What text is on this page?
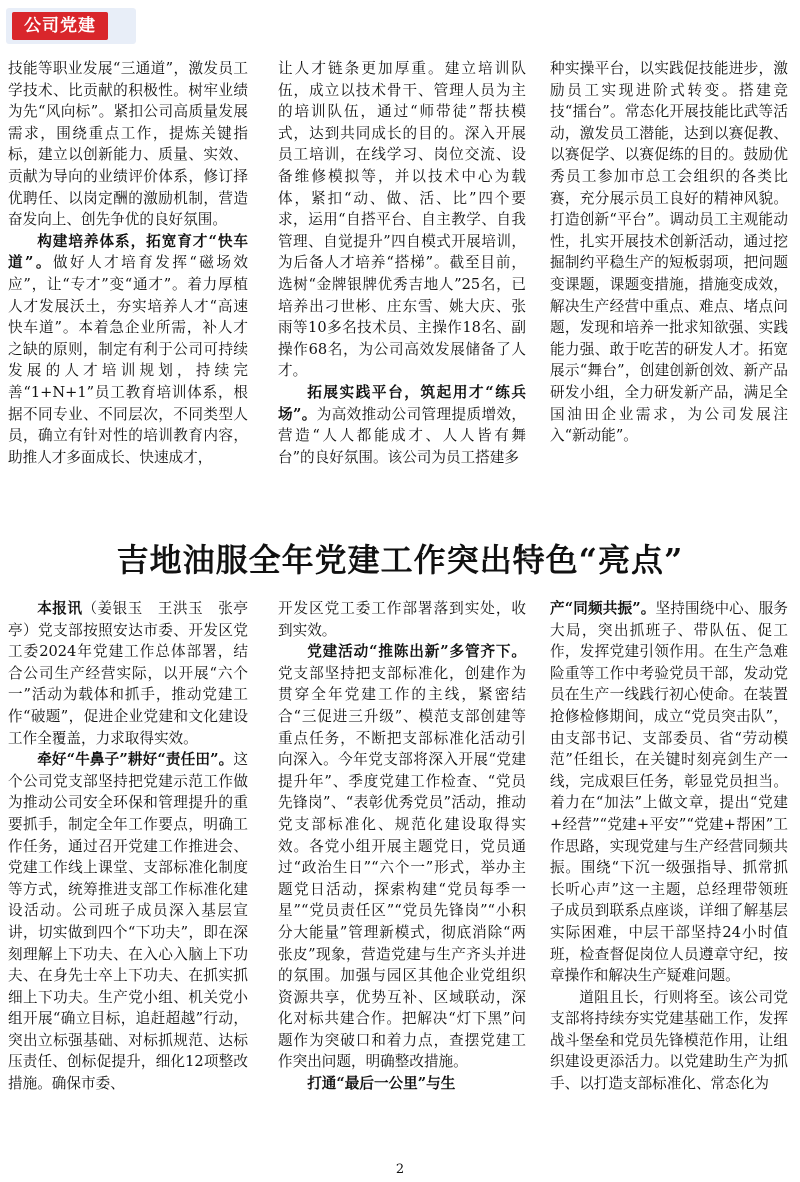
公司党建

技能等职业发展“三通道”，激发员工学技术、比贡献的积极性。树牢业绩为先“风向标”。紧扣公司高质量发展需求，围绕重点工作，提炼关键指标，建立以创新能力、质量、实效、贡献为导向的业绩评价体系，修订择优聘任、以岗定酬的激励机制，营造奋发向上、创先争优的良好氛围。

构建培养体系，拓宽育才“快车道”。做好人才培育发挥“磁场效应”，让“专才”变“通才”。着力厚植人才发展沃土，夯实培养人才“高速快车道”。本着急企业所需，补人才之缺的原则，制定有利于公司可持续发展的人才培训规划，持续完善“1+N+1”员工教育培训体系，根据不同专业、不同层次，不同类型人员，确立有针对性的培训教育内容，助推人才多面成长、快速成才，

让人才链条更加厚重。建立培训队伍，成立以技术骨干、管理人员为主的培训队伍，通过“师带徒”帮扶模式，达到共同成长的目的。深入开展员工培训，在线学习、岗位交流、设备维修模拟等，并以技术中心为载体，紧扣“动、做、活、比”四个要求，运用“自搭平台、自主教学、自我管理、自觉提升”四自模式开展培训，为后备人才培养“搭梯”。截至目前，选树“金牌银牌优秀吉地人”25名，已培养出刁世彬、庄东雪、姚大庆、张雨等10多名技术员、主操作18名、副操作68名，为公司高效发展储备了人才。

拓展实践平台，筑起用才“练兵场”。为高效推动公司管理提质增效，营造“人人都能成才、人人皆有舞台”的良好氛围。该公司为员工搭建多

种实操平台，以实践促技能进步，激励员工实现进阶式转变。搭建竞技“擂台”。常态化开展技能比武等活动，激发员工潜能，达到以赛促教、以赛促学、以赛促练的目的。鼓励优秀员工参加市总工会组织的各类比赛，充分展示员工良好的精神风貌。打造创新“平台”。调动员工主观能动性，扎实开展技术创新活动，通过挖掘制约平稳生产的短板弱项，把问题变课题，课题变措施，措施变成效，解决生产经营中重点、难点、堵点问题，发现和培养一批求知欲强、实践能力强、敢于吃苦的研发人才。拓宽展示“舞台”，创建创新创效、新产品研发小组，全力研发新产品，满足全国油田企业需求，为公司发展注入“新动能”。

吉地油服全年党建工作突出特色“亮点”

本报讯（姜银玉　王洪玉　张亭亭）党支部按照安达市委、开发区党工委2024年党建工作总体部署，结合公司生产经营实际，以开展“六个一”活动为载体和抓手，推动党建工作“破题”，促进企业党建和文化建设工作全覆盖，力求取得实效。

牵好“牛鼻子”耕好“责任田”。这个公司党支部坚持把党建示范工作做为推动公司安全环保和管理提升的重要抓手，制定全年工作要点，明确工作任务，通过召开党建工作推进会、党建工作线上课堂、支部标准化制度等方式，统筹推进支部工作标准化建设活动。公司班子成员深入基层宣讲，切实做到四个“下功夫”，即在深刻理解上下功夫、在入心入脑上下功夫、在身先士卒上下功夫、在抓实抓细上下功夫。生产党小组、机关党小组开展“确立目标，追赶超越”行动，突出立标强基础、对标抓规范、达标压责任、创标促提升，细化12项整改措施。确保市委、

开发区党工委工作部署落到实处，收到实效。

党建活动“推陈出新”多管齐下。党支部坚持把支部标准化，创建作为贯穿全年党建工作的主线，紧密结合“三促进三升级”、模范支部创建等重点任务，不断把支部标准化活动引向深入。今年党支部将深入开展“党建提升年”、季度党建工作检查、“党员先锋岗”、“表彰优秀党员”活动，推动党支部标准化、规范化建设取得实效。各党小组开展主题党日，党员通过“政治生日”“六个一”形式，举办主题党日活动，探索构建“党员每季一星”“党员责任区”“党员先锋岗”“小积分大能量”管理新模式，彻底消除“两张皮”现象，营造党建与生产齐头并进的氛围。加强与园区其他企业党组织资源共享，优势互补、区域联动，深化对标共建合作。把解决“灯下黑”问题作为突破口和着力点，查摆党建工作突出问题，明确整改措施。

打通“最后一公里”与生

产“同频共振”。坚持围绕中心、服务大局，突出抓班子、带队伍、促工作，发挥党建引领作用。在生产急难险重等工作中考验党员干部，发动党员在生产一线践行初心使命。在装置抢修检修期间，成立“党员突击队”，由支部书记、支部委员、省“劳动模范”任组长，在关键时刻亮剑生产一线，完成艰巨任务，彰显党员担当。着力在“加法”上做文章，提出“党建+经营”“党建+平安”“党建+帮困”工作思路，实现党建与生产经营同频共振。围绕“下沉一级强指导、抓常抓长听心声”这一主题，总经理带领班子成员到联系点座谈，详细了解基层实际困难，中层干部坚持24小时值班，检查督促岗位人员遵章守纪，按章操作和解决生产疑难问题。

道阻且长，行则将至。该公司党支部将持续夯实党建基础工作，发挥战斗堡垒和党员先锋模范作用，让组织建设更添活力。以党建助生产为抓手、以打造支部标准化、常态化为

2
